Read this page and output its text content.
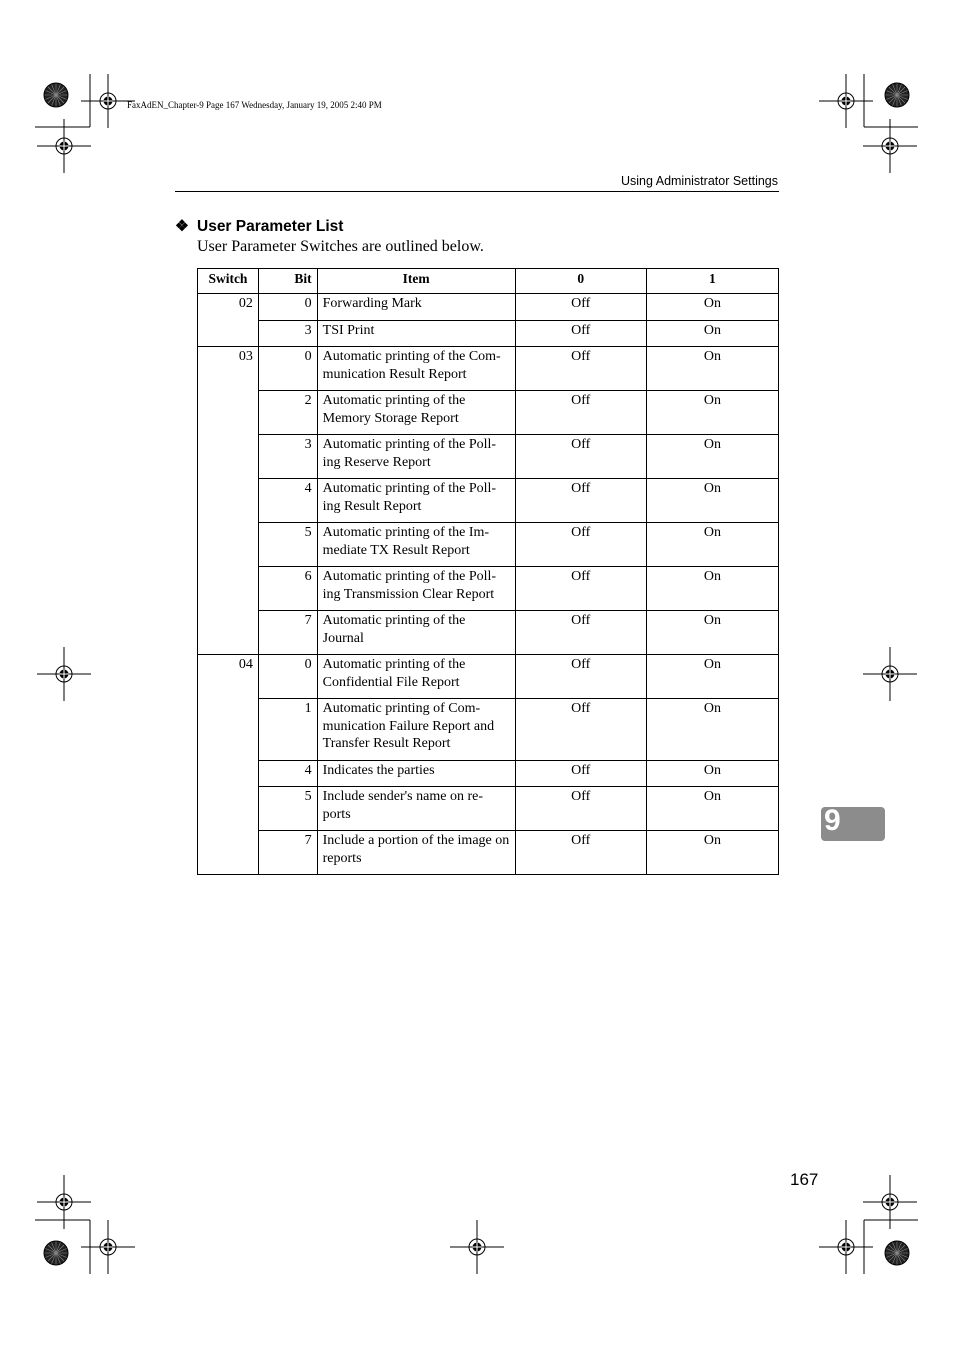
FaxAdEN_Chapter-9 Page 167 Wednesday, January 19, 2005 2:40 PM
Using Administrator Settings
❖ User Parameter List
User Parameter Switches are outlined below.
Switch	Bit	Item	0	1
02	0	Forwarding Mark	Off	On
	3	TSI Print	Off	On
03	0	Automatic printing of the Com-munication Result Report	Off	On
	2	Automatic printing of the Memory Storage Report	Off	On
	3	Automatic printing of the Poll-ing Reserve Report	Off	On
	4	Automatic printing of the Poll-ing Result Report	Off	On
	5	Automatic printing of the Im-mediate TX Result Report	Off	On
	6	Automatic printing of the Poll-ing Transmission Clear Report	Off	On
	7	Automatic printing of the Journal	Off	On
04	0	Automatic printing of the Confidential File Report	Off	On
	1	Automatic printing of Com-munication Failure Report and Transfer Result Report	Off	On
	4	Indicates the parties	Off	On
	5	Include sender's name on re-ports	Off	On
	7	Include a portion of the image on reports	Off	On
9
167
